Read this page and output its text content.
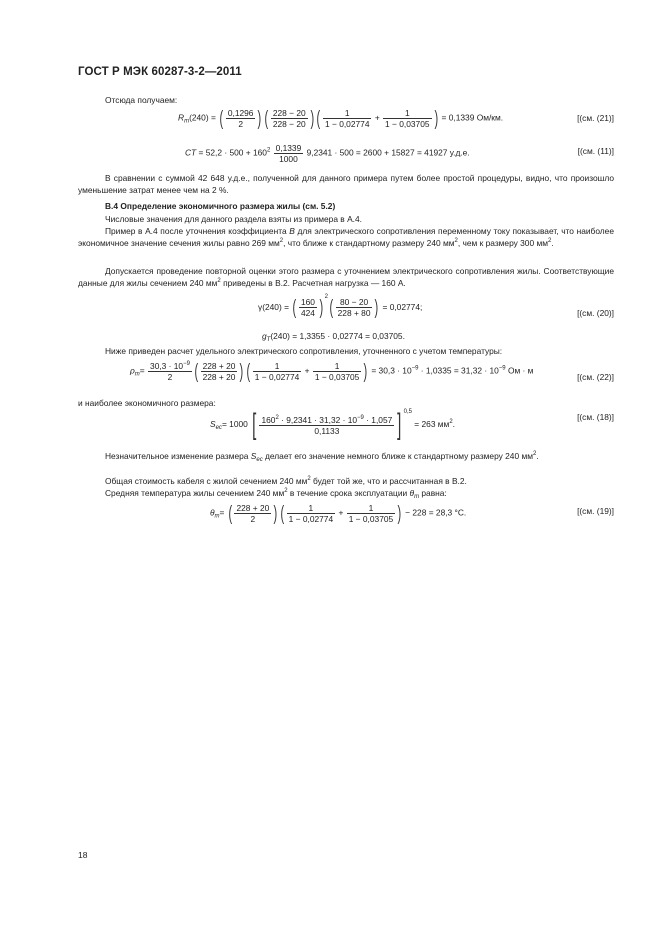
ГОСТ Р МЭК 60287-3-2—2011
Отсюда получаем:
$R_m(240)$ = ( $\frac{0,1296}{2}$ ) ( $\frac{228 - 20}{228 - 20}$ ) ( $\frac{1}{1 - 0,02774} + \frac{1}{1 - 0,03705}$ ) = 0,1339 Ом/км.	[(см. (21)]
CT = $52,2 \cdot 500 + 160^2 \frac{0,1339}{1000} 9,2341 \cdot 500 = 2600 + 15827 = 41927$ у.д.е.	[(см. (11)]
В сравнении с суммой 42 648 у.д.е., полученной для данного примера путем более простой процедуры, видно, что произошло уменьшение затрат менее чем на 2 %.
В.4 Определение экономичного размера жилы (см. 5.2)
Числовые значения для данного раздела взяты из примера в А.4.
Пример в А.4 после уточнения коэффициента B для электрического сопротивления переменному току показывает, что наиболее экономичное значение сечения жилы равно 269 $мм^2$, что ближе к стандартному размеру 240 $мм^2$, чем к размеру 300 $мм^2$.
Допускается проведение повторной оценки этого размера с уточнением электрического сопротивления жилы. Соответствующие данные для жилы сечением 240 $мм^2$ приведены в В.2. Расчетная нагрузка — 160 А.
γ(240) = ( $\frac{160}{424}$ ) $^2( \frac{80 - 20}{228 + 80}$ ) = 0,02774;
[(см. (20)]
$g_T(240) = 1,3355 \cdot 0,02774 = 0,03705$.
Ниже приведен расчет удельного электрического сопротивления, уточненного с учетом температуры:
$\rho_m= \frac{30,3 \cdot 10^{-9}}{2}$ ( $\frac{228 + 20}{228 + 20}$ ) ( $\frac{1}{1 - 0,02774} + \frac{1}{1 - 0,03705}$ ) = $30,3 \cdot 10^{-9} \cdot 1,0335 = 31,32 \cdot 10^{-9}$ Ом · м
[(см. (22)]
и наиболее экономичного размера:
$S_{ec}= 1000$ [ $\frac{160^2 \cdot 9,2341 \cdot 31,32 \cdot 10^{-9} \cdot 1,057}{0,1133}$ ] $^{0,5}$ = 263 $мм^2$.
[(см. (18)]
Незначительное изменение размера $S_{ec}$ делает его значение немного ближе к стандартному размеру 240 $мм^2$.
Общая стоимость кабеля с жилой сечением 240 $мм^2$ будет той же, что и рассчитанная в В.2.
Средняя температура жилы сечением 240 $мм^2$ в течение срока эксплуатации $\theta_m$ равна:
$\theta_m=$ ( $\frac{228 + 20}{2}$ ) ( $\frac{1}{1 - 0,02774} + \frac{1}{1 - 0,03705}$ ) − 228 = 28,3 °С.	[(см. (19)]
18
